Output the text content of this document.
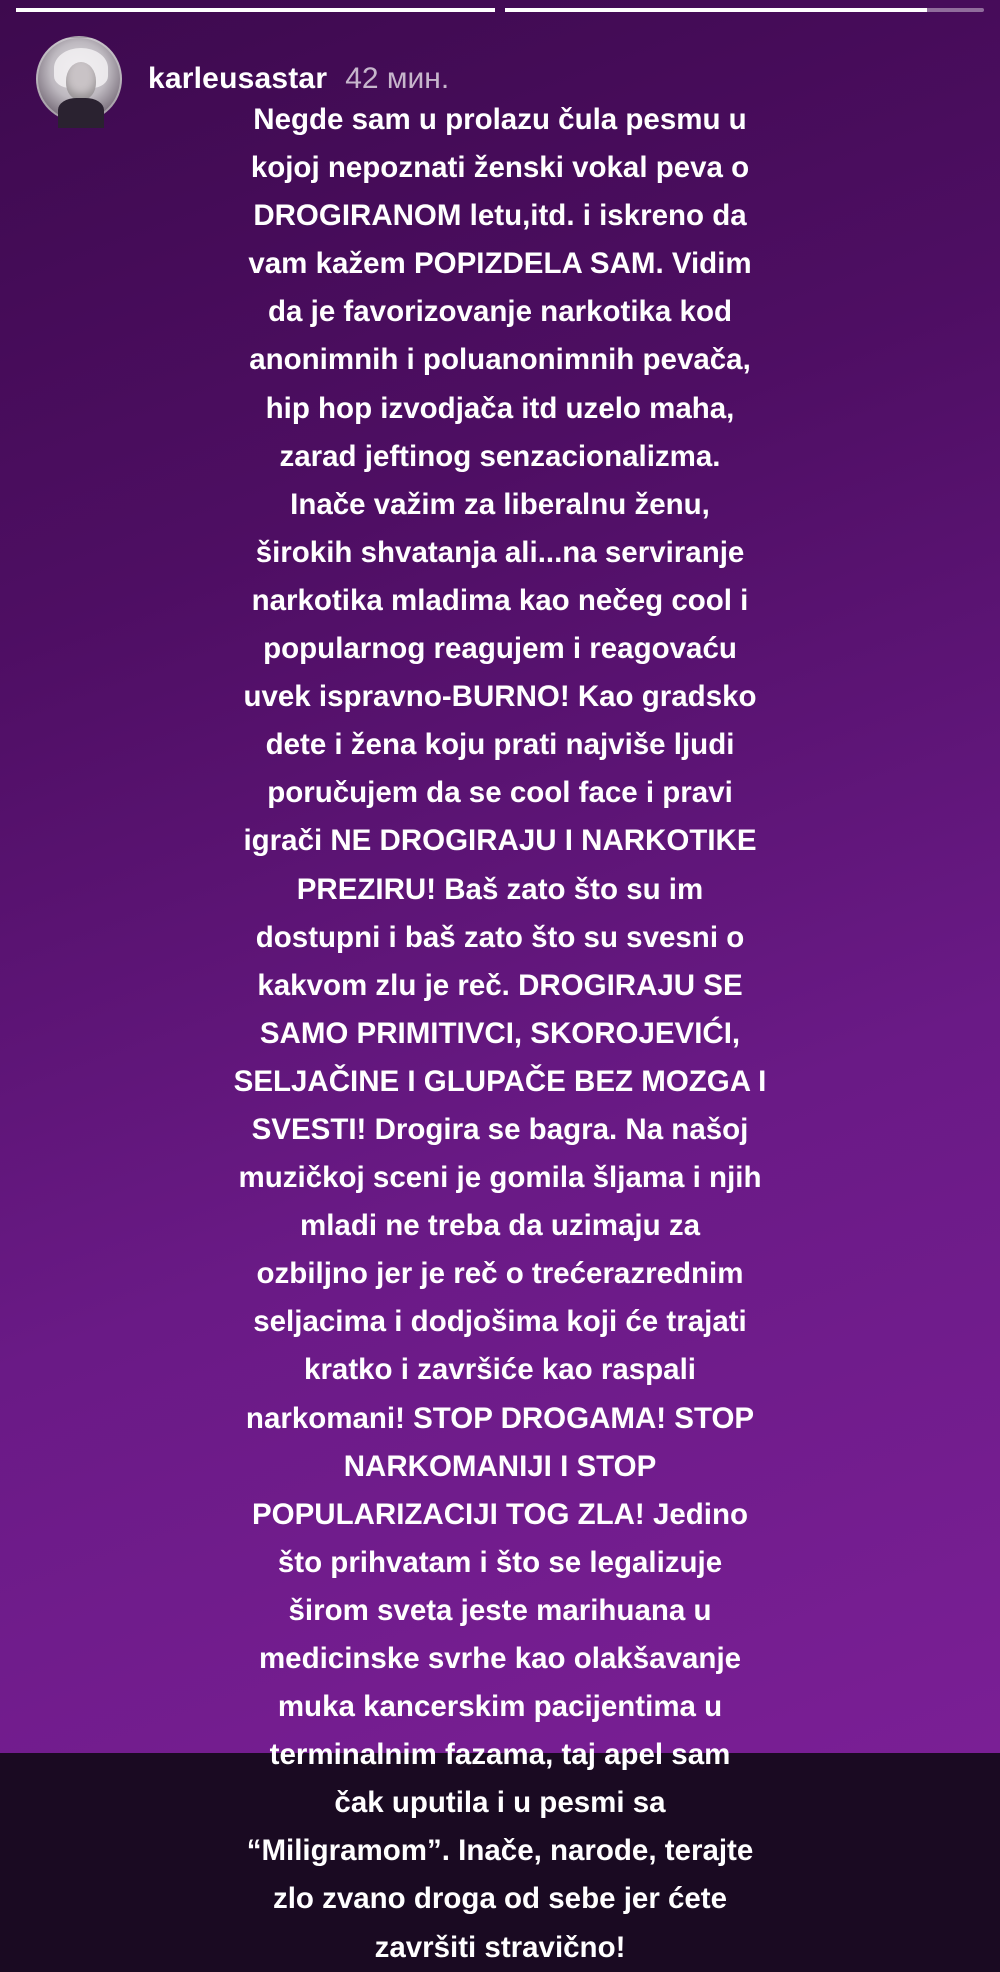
karleusastar 42 мин.
Negde sam u prolazu čula pesmu u
kojoj nepoznati ženski vokal peva o
DROGIRANOM letu,itd. i iskreno da
vam kažem POPIZDELA SAM. Vidim
da je favorizovanje narkotika kod
anonimnih i poluanonimnih pevača,
hip hop izvodjača itd uzelo maha,
zarad jeftinog senzacionalizma.
Inače važim za liberalnu ženu,
širokih shvatanja ali...na serviranje
narkotika mladima kao nečeg cool i
popularnog reagujem i reagovaću
uvek ispravno-BURNO! Kao gradsko
dete i žena koju prati najviše ljudi
poručujem da se cool face i pravi
igrači NE DROGIRAJU I NARKOTIKE
PREZIRU! Baš zato što su im
dostupni i baš zato što su svesni o
kakvom zlu je reč. DROGIRAJU SE
SAMO PRIMITIVCI, SKOROJEVIĆI,
SELJAČINE I GLUPAČE BEZ MOZGA I
SVESTI! Drogira se bagra. Na našoj
muzičkoj sceni je gomila šljama i njih
mladi ne treba da uzimaju za
ozbiljno jer je reč o trećerazrednim
seljacima i dodjošima koji će trajati
kratko i završiće kao raspali
narkomani! STOP DROGAMA! STOP
NARKOMANIJI I STOP
POPULARIZACIJI TOG ZLA! Jedino
što prihvatam i što se legalizuje
širom sveta jeste marihuana u
medicinske svrhe kao olakšavanje
muka kancerskim pacijentima u
terminalnim fazama, taj apel sam
čak uputila i u pesmi sa
“Miligramom”. Inače, narode, terajte
zlo zvano droga od sebe jer ćete
završiti stravično!
